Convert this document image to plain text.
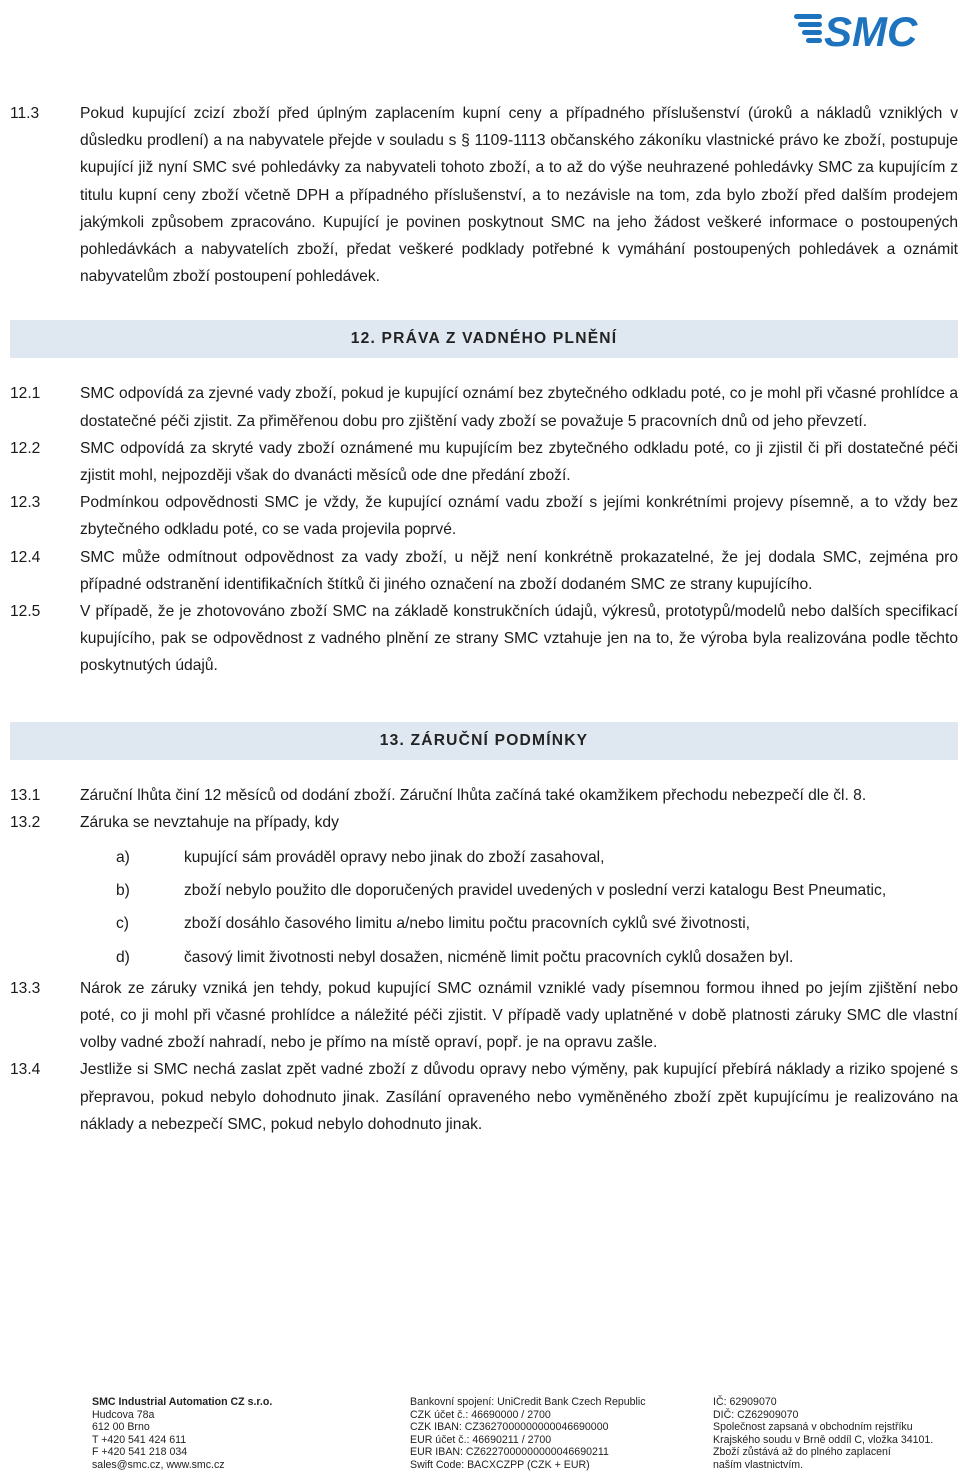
SMC
11.3	Pokud kupující zcizí zboží před úplným zaplacením kupní ceny a případného příslušenství (úroků a nákladů vzniklých v důsledku prodlení) a na nabyvatele přejde v souladu s § 1109-1113 občanského zákoníku vlastnické právo ke zboží, postupuje kupující již nyní SMC své pohledávky za nabyvateli tohoto zboží, a to až do výše neuhrazené pohledávky SMC za kupujícím z titulu kupní ceny zboží včetně DPH a případného příslušenství, a to nezávisle na tom, zda bylo zboží před dalším prodejem jakýmkoli způsobem zpracováno. Kupující je povinen poskytnout SMC na jeho žádost veškeré informace o postoupených pohledávkách a nabyvatelích zboží, předat veškeré podklady potřebné k vymáhání postoupených pohledávek a oznámit nabyvatelům zboží postoupení pohledávek.
12. PRÁVA Z VADNÉHO PLNĚNÍ
12.1	SMC odpovídá za zjevné vady zboží, pokud je kupující oznámí bez zbytečného odkladu poté, co je mohl při včasné prohlídce a dostatečné péči zjistit. Za přiměřenou dobu pro zjištění vady zboží se považuje 5 pracovních dnů od jeho převzetí.
12.2	SMC odpovídá za skryté vady zboží oznámené mu kupujícím bez zbytečného odkladu poté, co ji zjistil či při dostatečné péči zjistit mohl, nejpozději však do dvanácti měsíců ode dne předání zboží.
12.3	Podmínkou odpovědnosti SMC je vždy, že kupující oznámí vadu zboží s jejími konkrétními projevy písemně, a to vždy bez zbytečného odkladu poté, co se vada projevila poprvé.
12.4	SMC může odmítnout odpovědnost za vady zboží, u nějž není konkrétně prokazatelné, že jej dodala SMC, zejména pro případné odstranění identifikačních štítků či jiného označení na zboží dodaném SMC ze strany kupujícího.
12.5	V případě, že je zhotovováno zboží SMC na základě konstrukčních údajů, výkresů, prototypů/modelů nebo dalších specifikací kupujícího, pak se odpovědnost z vadného plnění ze strany SMC vztahuje jen na to, že výroba byla realizována podle těchto poskytnutých údajů.
13. ZÁRUČNÍ PODMÍNKY
13.1	Záruční lhůta činí 12 měsíců od dodání zboží. Záruční lhůta začíná také okamžikem přechodu nebezpečí dle čl. 8.
13.2	Záruka se nevztahuje na případy, kdy
a)	kupující sám prováděl opravy nebo jinak do zboží zasahoval,
b)	zboží nebylo použito dle doporučených pravidel uvedených v poslední verzi katalogu Best Pneumatic,
c)	zboží dosáhlo časového limitu a/nebo limitu počtu pracovních cyklů své životnosti,
d)	časový limit životnosti nebyl dosažen, nicméně limit počtu pracovních cyklů dosažen byl.
13.3	Nárok ze záruky vzniká jen tehdy, pokud kupující SMC oznámil vzniklé vady písemnou formou ihned po jejím zjištění nebo poté, co ji mohl při včasné prohlídce a náležité péči zjistit. V případě vady uplatněné v době platnosti záruky SMC dle vlastní volby vadné zboží nahradí, nebo je přímo na místě opraví, popř. je na opravu zašle.
13.4	Jestliže si SMC nechá zaslat zpět vadné zboží z důvodu opravy nebo výměny, pak kupující přebírá náklady a riziko spojené s přepravou, pokud nebylo dohodnuto jinak. Zasílání opraveného nebo vyměněného zboží zpět kupujícímu je realizováno na náklady a nebezpečí SMC, pokud nebylo dohodnuto jinak.
SMC Industrial Automation CZ s.r.o.
Hudcova 78a
612 00 Brno
T +420 541 424 611
F +420 541 218 034
sales@smc.cz, www.smc.cz
Bankovní spojení: UniCredit Bank Czech Republic
CZK účet č.: 46690000 / 2700
CZK IBAN: CZ3627000000000046690000
EUR účet č.: 46690211 / 2700
EUR IBAN: CZ6227000000000046690211
Swift Code: BACXCZPP (CZK + EUR)
IČ: 62909070
DIČ: CZ62909070
Společnost zapsaná v obchodním rejstříku
Krajského soudu v Brně oddíl C, vložka 34101.
Zboží zůstává až do plného zaplacení
naším vlastnictvím.
